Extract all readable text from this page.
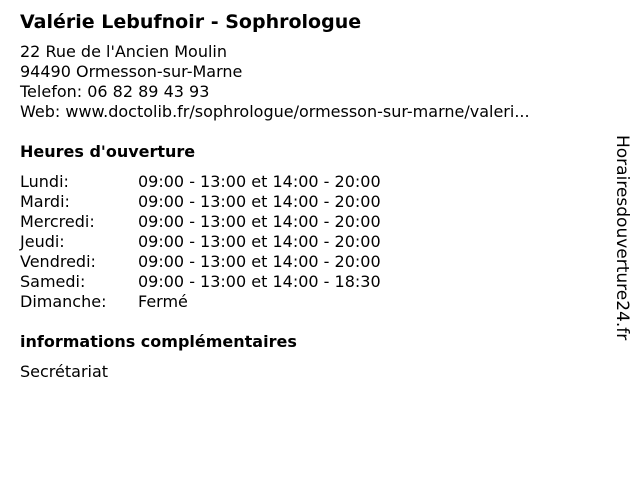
Valérie Lebufnoir - Sophrologue
22 Rue de l'Ancien Moulin
94490 Ormesson-sur-Marne
Telefon: 06 82 89 43 93
Web: www.doctolib.fr/sophrologue/ormesson-sur-marne/valeri...
Heures d'ouverture
Lundi:	09:00 - 13:00 et 14:00 - 20:00
Mardi:	09:00 - 13:00 et 14:00 - 20:00
Mercredi:	09:00 - 13:00 et 14:00 - 20:00
Jeudi:	09:00 - 13:00 et 14:00 - 20:00
Vendredi:	09:00 - 13:00 et 14:00 - 20:00
Samedi:	09:00 - 13:00 et 14:00 - 18:30
Dimanche:	Fermé
informations complémentaires
Secrétariat
Horairesdouverture24.fr
